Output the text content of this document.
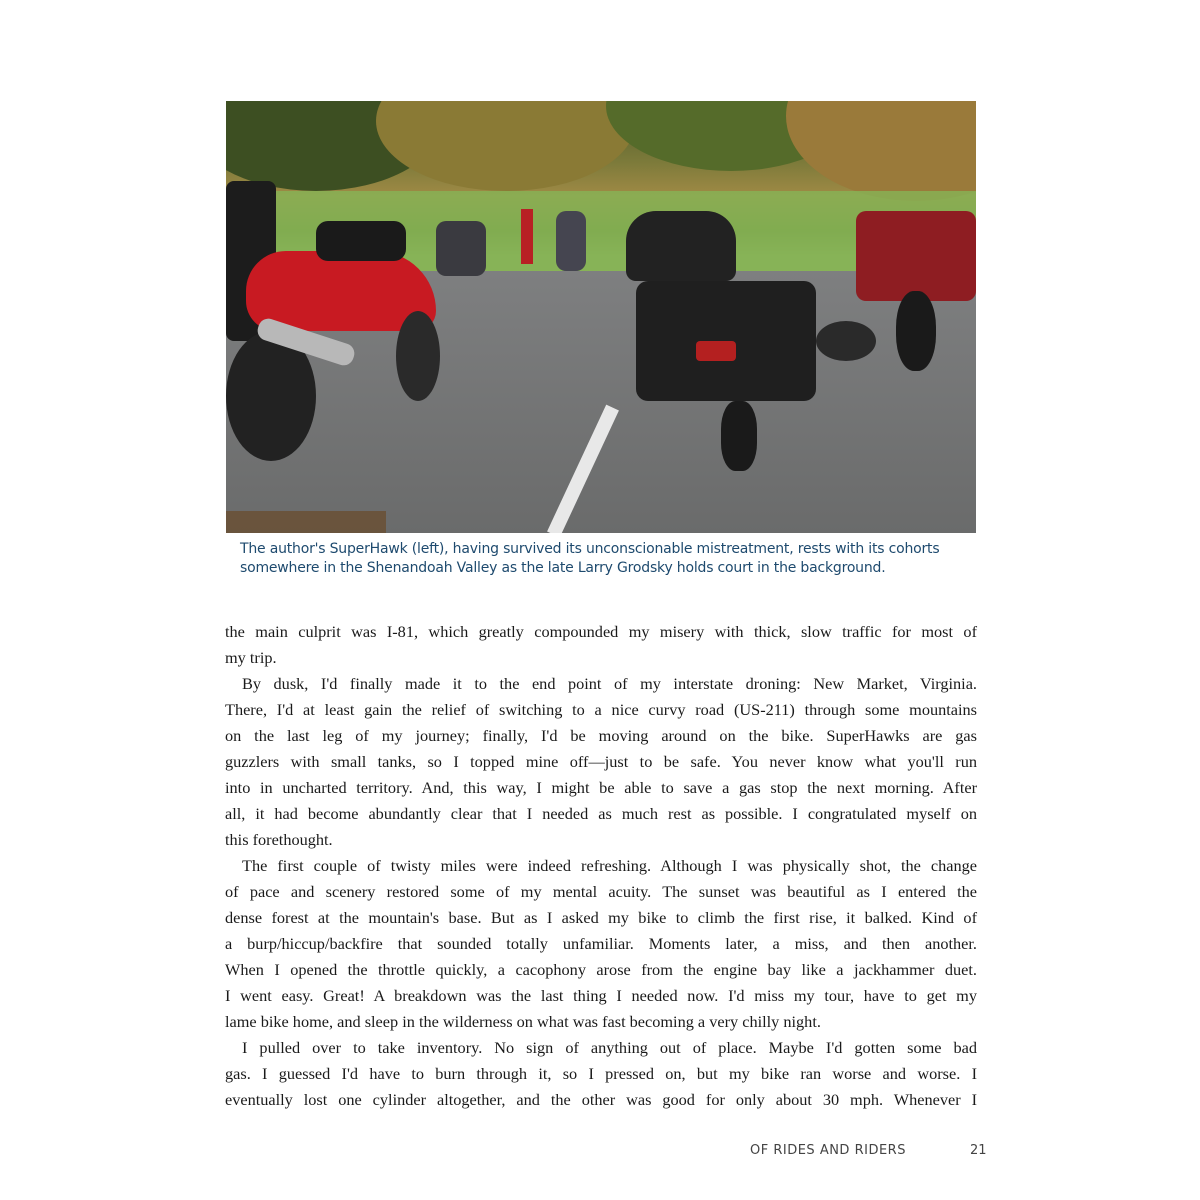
The author's SuperHawk (left), having survived its unconscionable mistreatment, rests with its cohorts somewhere in the Shenandoah Valley as the late Larry Grodsky holds court in the background.
the main culprit was I-81, which greatly compounded my misery with thick, slow traffic for most of
my trip.
By dusk, I'd finally made it to the end point of my interstate droning: New Market, Virginia.
There, I'd at least gain the relief of switching to a nice curvy road (US-211) through some mountains
on the last leg of my journey; finally, I'd be moving around on the bike. SuperHawks are gas
guzzlers with small tanks, so I topped mine off—just to be safe. You never know what you'll run
into in uncharted territory. And, this way, I might be able to save a gas stop the next morning. After
all, it had become abundantly clear that I needed as much rest as possible. I congratulated myself on
this forethought.
The first couple of twisty miles were indeed refreshing. Although I was physically shot, the change
of pace and scenery restored some of my mental acuity. The sunset was beautiful as I entered the
dense forest at the mountain's base. But as I asked my bike to climb the first rise, it balked. Kind of
a burp/hiccup/backfire that sounded totally unfamiliar. Moments later, a miss, and then another.
When I opened the throttle quickly, a cacophony arose from the engine bay like a jackhammer duet.
I went easy. Great! A breakdown was the last thing I needed now. I'd miss my tour, have to get my
lame bike home, and sleep in the wilderness on what was fast becoming a very chilly night.
I pulled over to take inventory. No sign of anything out of place. Maybe I'd gotten some bad
gas. I guessed I'd have to burn through it, so I pressed on, but my bike ran worse and worse. I
eventually lost one cylinder altogether, and the other was good for only about 30 mph. Whenever I
OF RIDES AND RIDERS	21
